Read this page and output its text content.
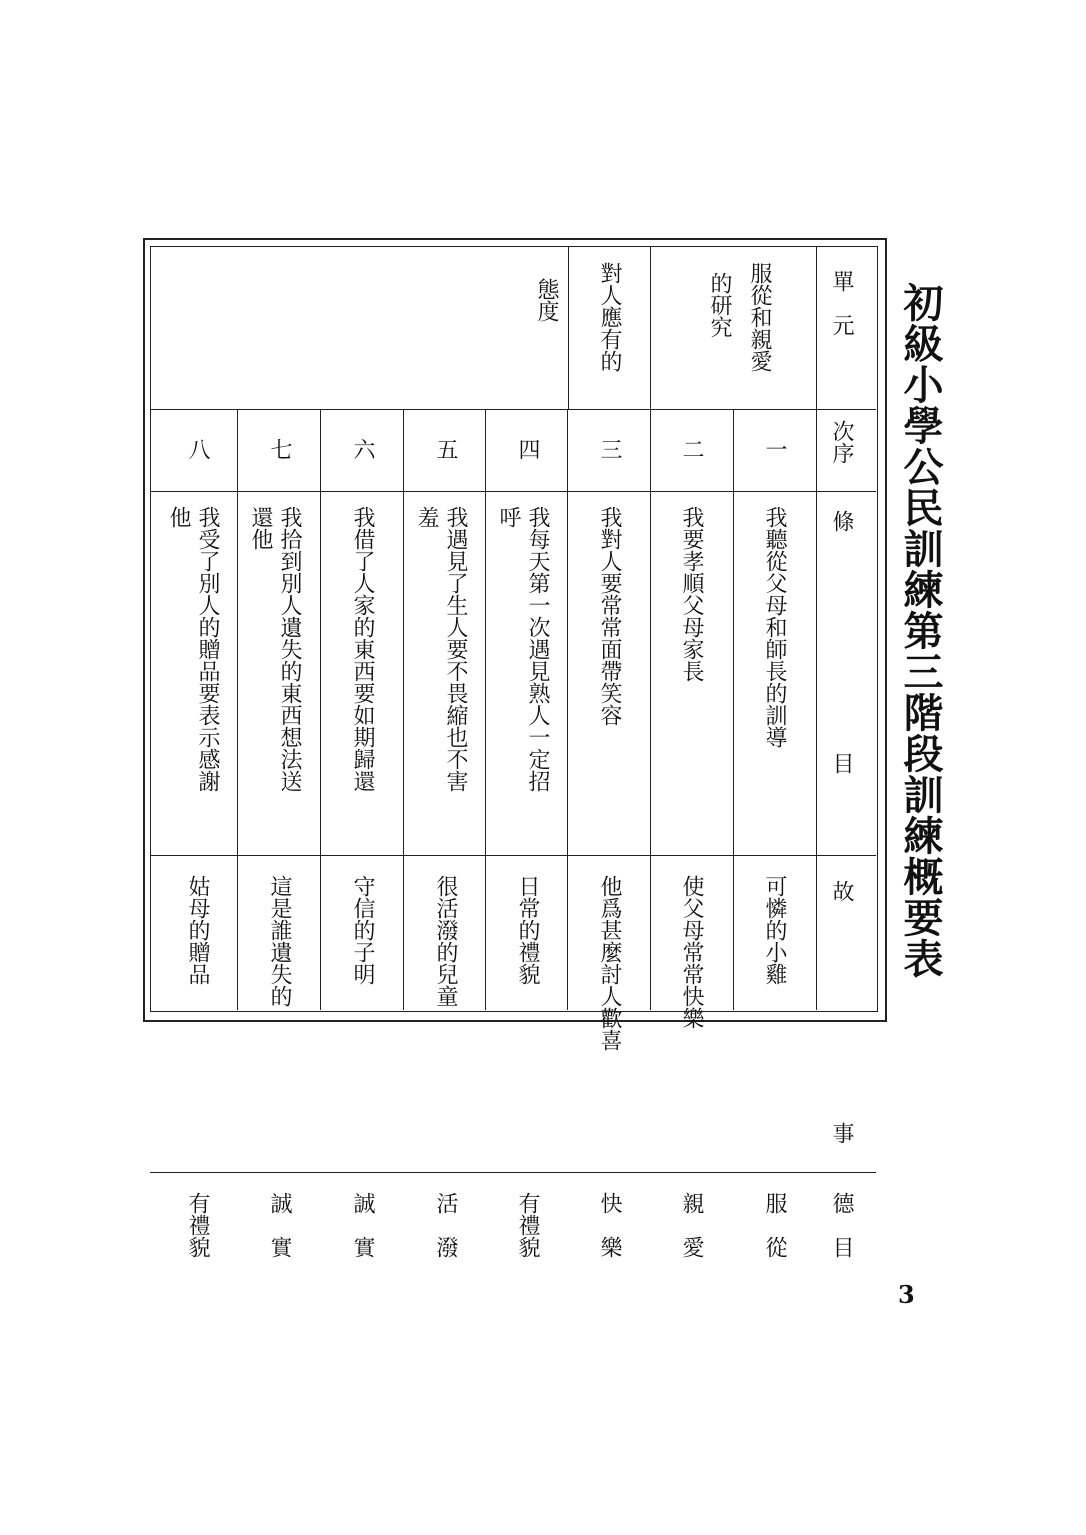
初級小學公民訓練第三階段訓練概要表
3
單　元
次序
條　　　　　　　　　　目
故　　　　　　　　　　事
德　目
服從和親愛
的研究
對人應有的
態度
一
我聽從父母和師長的訓導
可憐的小雞
服　從
二
我要孝順父母家長
使父母常常快樂
親　愛
三
我對人要常常面帶笑容
他爲甚麼討人歡喜
快　樂
四
我每天第一次遇見熟人一定招
呼
日常的禮貌
有禮貌
五
我遇見了生人要不畏縮也不害
羞
很活潑的兒童
活　潑
六
我借了人家的東西要如期歸還
守信的子明
誠　實
七
我拾到別人遺失的東西想法送
還他
這是誰遺失的
誠　實
八
我受了別人的贈品要表示感謝
他
姑母的贈品
有禮貌
